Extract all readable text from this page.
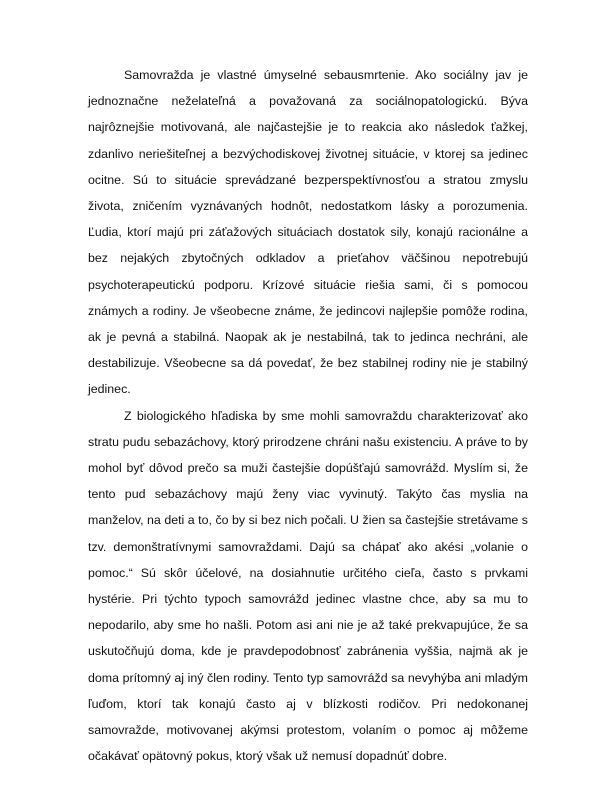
Samovražda je vlastné úmyselné sebausmrtenie. Ako sociálny jav je jednoznačne neželateľná a považovaná za sociálnopatologickú. Býva najrôznejšie motivovaná, ale najčastejšie je to reakcia ako následok ťažkej, zdanlivo neriešiteľnej a bezvýchodiskovej životnej situácie, v ktorej sa jedinec ocitne. Sú to situácie sprevádzané bezperspektívnosťou a stratou zmyslu života, zničením vyznávaných hodnôt, nedostatkom lásky a porozumenia. Ľudia, ktorí majú pri záťažových situáciach dostatok sily, konajú racionálne a bez nejakých zbytočných odkladov a prieťahov väčšinou nepotrebujú psychoterapeutickú podporu. Krízové situácie riešia sami, či s pomocou známych a rodiny. Je všeobecne známe, že jedincovi najlepšie pomôže rodina, ak je pevná a stabilná. Naopak ak je nestabilná, tak to jedinca nechráni, ale destabilizuje. Všeobecne sa dá povedať, že bez stabilnej rodiny nie je stabilný jedinec.

Z biologického hľadiska by sme mohli samovraždu charakterizovať ako stratu pudu sebazáchovy, ktorý prirodzene chráni našu existenciu. A práve to by mohol byť dôvod prečo sa muži častejšie dopúšťajú samovrážd. Myslím si, že tento pud sebazáchovy majú ženy viac vyvinutý. Takýto čas myslia na manželov, na deti a to, čo by si bez nich počali. U žien sa častejšie stretávame s tzv. demonštratívnymi samovraždami. Dajú sa chápať ako akési „volanie o pomoc.“ Sú skôr účelové, na dosiahnutie určitého cieľa, často s prvkami hystérie. Pri týchto typoch samovrážd jedinec vlastne chce, aby sa mu to nepodarilo, aby sme ho našli. Potom asi ani nie je až také prekvapujúce, že sa uskutočňujú doma, kde je pravdepodobnosť zabránenia vyššia, najmä ak je doma prítomný aj iný člen rodiny. Tento typ samovrážd sa nevyhýba ani mladým ľuďom, ktorí tak konajú často aj v blízkosti rodičov. Pri nedokonanej samovražde, motivovanej akýmsi protestom, volaním o pomoc aj môžeme očakávať opätovný pokus, ktorý však už nemusí dopadnúť dobre.
